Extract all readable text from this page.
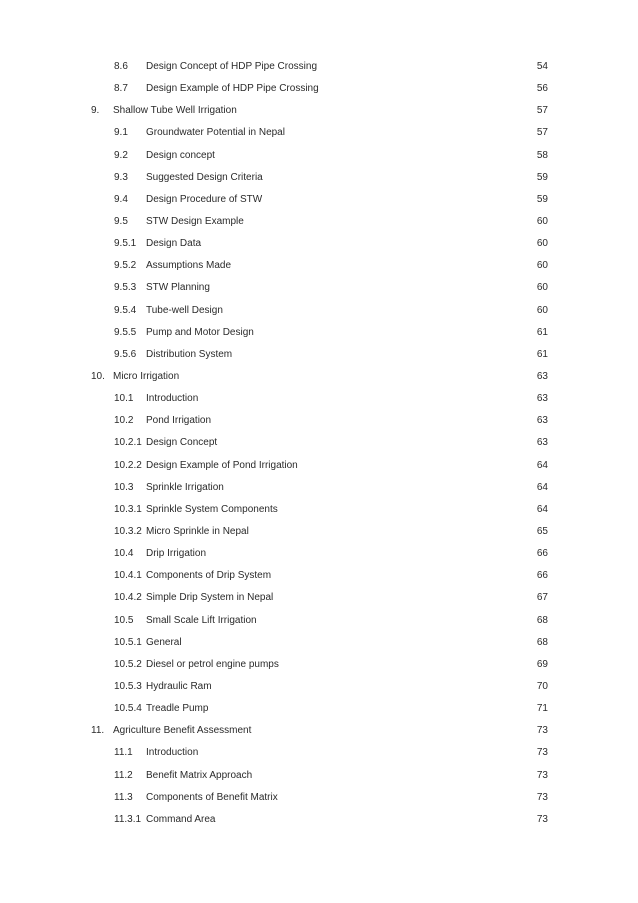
8.6 Design Concept of HDP Pipe Crossing	54
8.7 Design Example of HDP Pipe Crossing	56
9. Shallow Tube Well Irrigation	57
9.1 Groundwater Potential in Nepal	57
9.2 Design concept	58
9.3 Suggested Design Criteria	59
9.4 Design Procedure of STW	59
9.5 STW Design Example	60
9.5.1 Design Data	60
9.5.2 Assumptions Made	60
9.5.3 STW Planning	60
9.5.4 Tube-well Design	60
9.5.5 Pump and Motor Design	61
9.5.6 Distribution System	61
10. Micro Irrigation	63
10.1 Introduction	63
10.2 Pond Irrigation	63
10.2.1 Design Concept	63
10.2.2 Design Example of Pond Irrigation	64
10.3 Sprinkle Irrigation	64
10.3.1 Sprinkle System Components	64
10.3.2 Micro Sprinkle in Nepal	65
10.4 Drip Irrigation	66
10.4.1 Components of Drip System	66
10.4.2 Simple Drip System in Nepal	67
10.5 Small Scale Lift Irrigation	68
10.5.1 General	68
10.5.2 Diesel or petrol engine pumps	69
10.5.3 Hydraulic Ram	70
10.5.4 Treadle Pump	71
11. Agriculture Benefit Assessment	73
11.1 Introduction	73
11.2 Benefit Matrix Approach	73
11.3 Components of Benefit Matrix	73
11.3.1 Command Area	73
